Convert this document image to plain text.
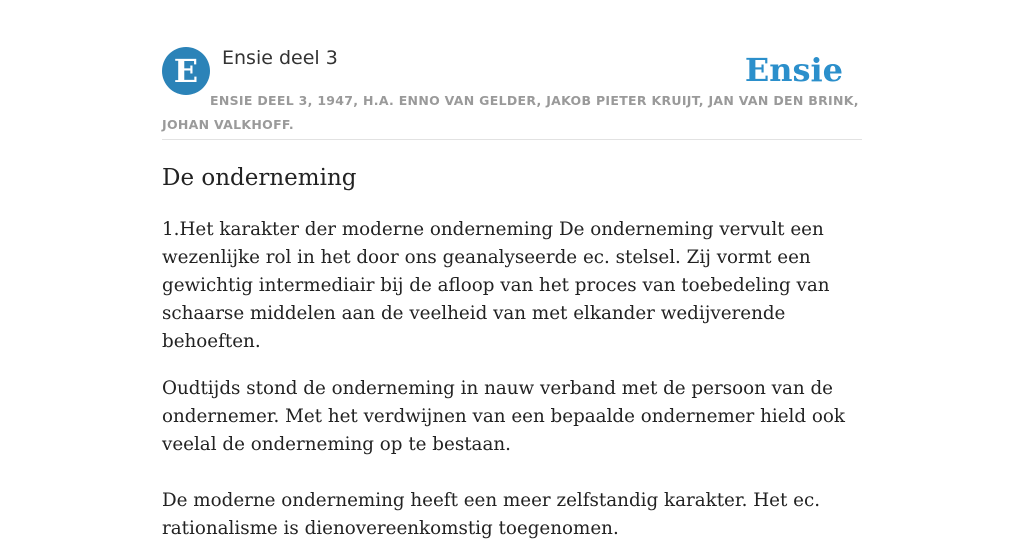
E	Ensie deel 3	Ensie
ENSIE DEEL 3, 1947, H.A. ENNO VAN GELDER, JAKOB PIETER KRUIJT, JAN VAN DEN BRINK, JOHAN VALKHOFF.
De onderneming

1.Het karakter der moderne onderneming De onderneming vervult een wezenlijke rol in het door ons geanalyseerde ec. stelsel. Zij vormt een gewichtig intermediair bij de afloop van het proces van toebedeling van schaarse middelen aan de veelheid van met elkander wedijverende behoeften.

Oudtijds stond de onderneming in nauw verband met de persoon van de ondernemer. Met het verdwijnen van een bepaalde ondernemer hield ook veelal de onderneming op te bestaan.

De moderne onderneming heeft een meer zelfstandig karakter. Het ec. rationalisme is dienovereenkomstig toegenomen.
